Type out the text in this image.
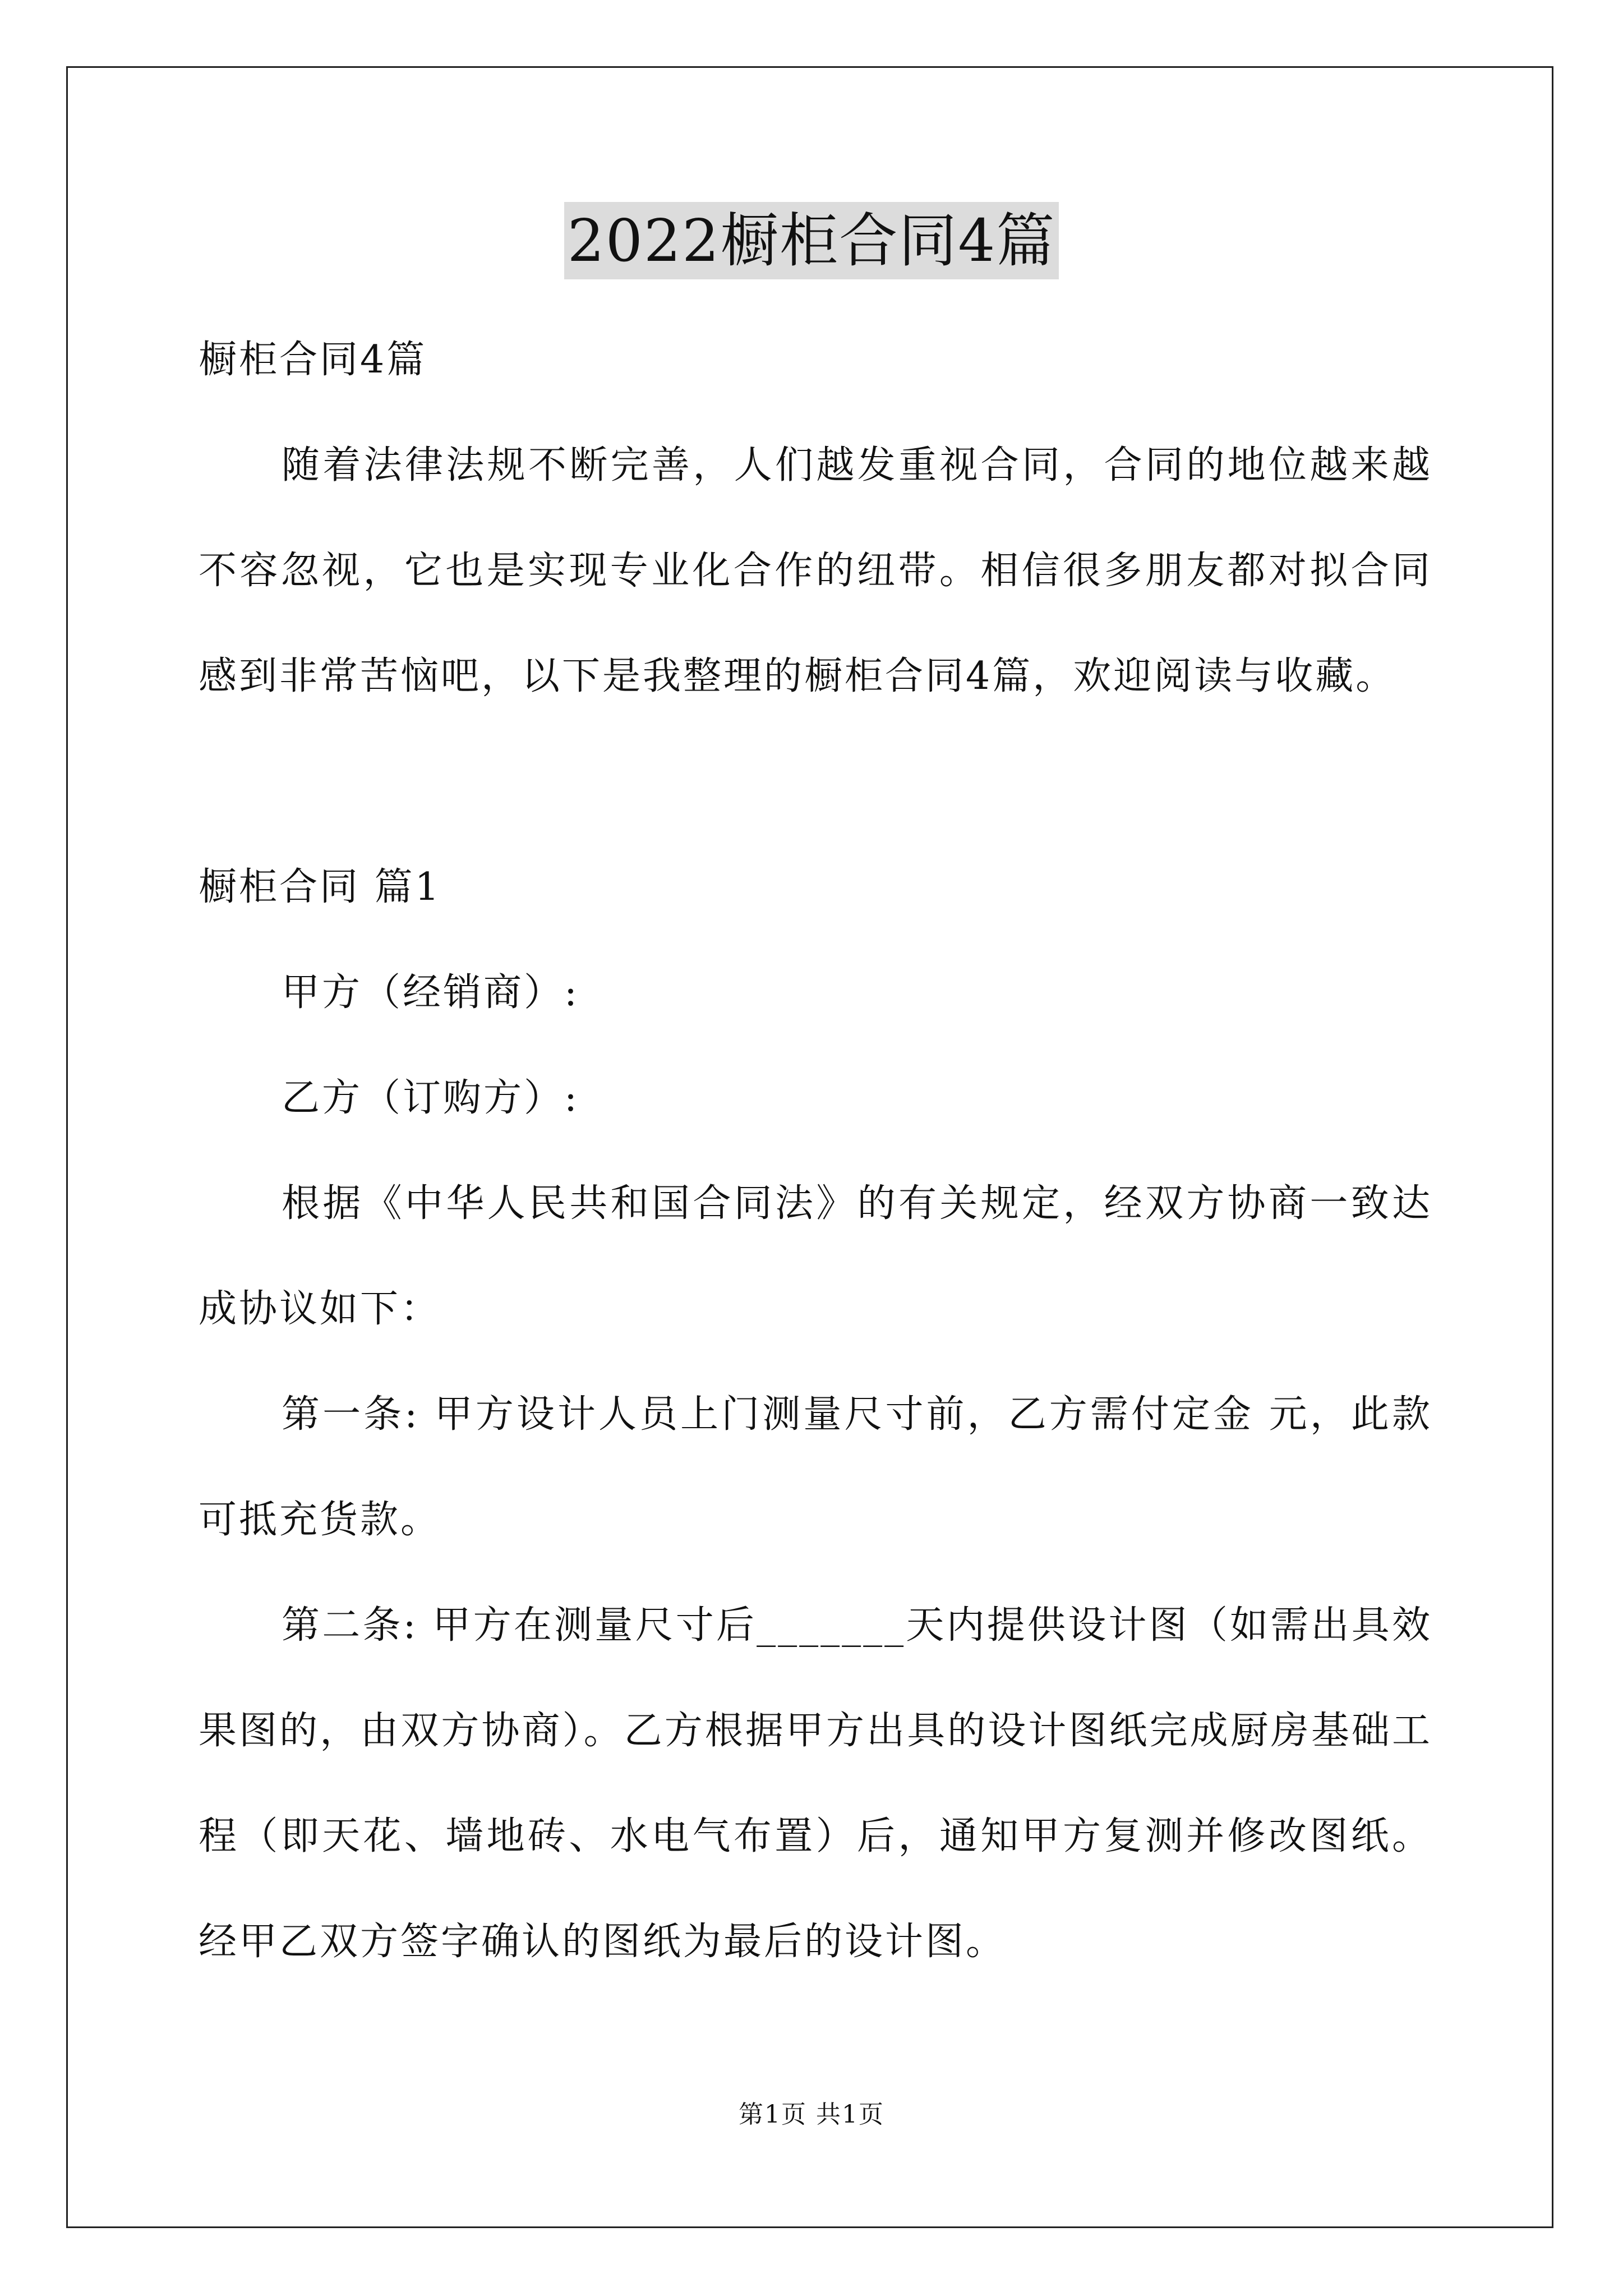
2022橱柜合同4篇

橱柜合同4篇

随着法律法规不断完善，人们越发重视合同，合同的地位越来越不容忽视，它也是实现专业化合作的纽带。相信很多朋友都对拟合同感到非常苦恼吧，以下是我整理的橱柜合同4篇，欢迎阅读与收藏。

橱柜合同 篇1

甲方（经销商）:

乙方（订购方）:

根据《中华人民共和国合同法》的有关规定，经双方协商一致达成协议如下：

第一条: 甲方设计人员上门测量尺寸前，乙方需付定金 元，此款可抵充货款。

第二条: 甲方在测量尺寸后_______天内提供设计图（如需出具效果图的，由双方协商）。乙方根据甲方出具的设计图纸完成厨房基础工程（即天花、墙地砖、水电气布置）后，通知甲方复测并修改图纸。经甲乙双方签字确认的图纸为最后的设计图。

第1页 共1页
